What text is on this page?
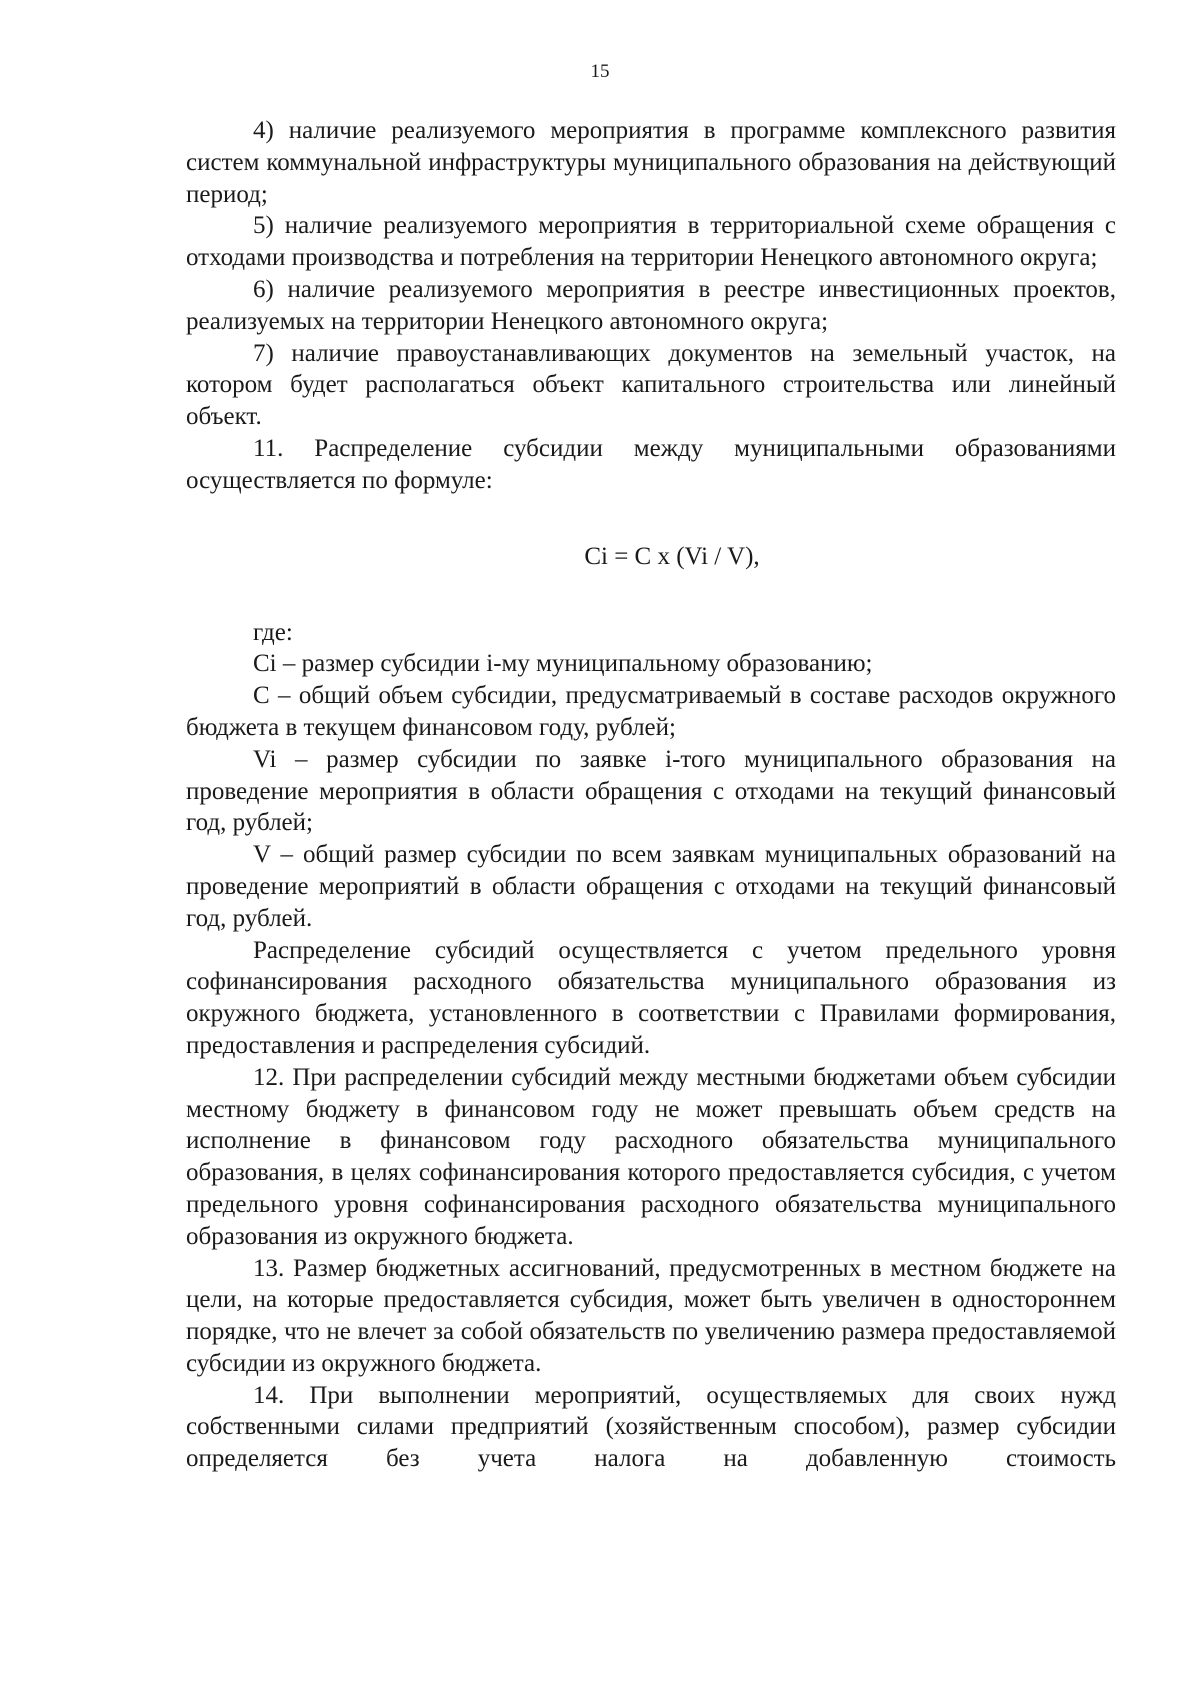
15

4) наличие реализуемого мероприятия в программе комплексного развития систем коммунальной инфраструктуры муниципального образования на действующий период;

5) наличие реализуемого мероприятия в территориальной схеме обращения с отходами производства и потребления на территории Ненецкого автономного округа;

6) наличие реализуемого мероприятия в реестре инвестиционных проектов, реализуемых на территории Ненецкого автономного округа;

7) наличие правоустанавливающих документов на земельный участок, на котором будет располагаться объект капитального строительства или линейный объект.

11. Распределение субсидии между муниципальными образованиями осуществляется по формуле:

Ci = C x (Vi / V),

где:

Ci – размер субсидии i-му муниципальному образованию;

C – общий объем субсидии, предусматриваемый в составе расходов окружного бюджета в текущем финансовом году, рублей;

Vi – размер субсидии по заявке i-того муниципального образования на проведение мероприятия в области обращения с отходами на текущий финансовый год, рублей;

V – общий размер субсидии по всем заявкам муниципальных образований на проведение мероприятий в области обращения с отходами на текущий финансовый год, рублей.

Распределение субсидий осуществляется с учетом предельного уровня софинансирования расходного обязательства муниципального образования из окружного бюджета, установленного в соответствии с Правилами формирования, предоставления и распределения субсидий.

12. При распределении субсидий между местными бюджетами объем субсидии местному бюджету в финансовом году не может превышать объем средств на исполнение в финансовом году расходного обязательства муниципального образования, в целях софинансирования которого предоставляется субсидия, с учетом предельного уровня софинансирования расходного обязательства муниципального образования из окружного бюджета.

13. Размер бюджетных ассигнований, предусмотренных в местном бюджете на цели, на которые предоставляется субсидия, может быть увеличен в одностороннем порядке, что не влечет за собой обязательств по увеличению размера предоставляемой субсидии из окружного бюджета.

14. При выполнении мероприятий, осуществляемых для своих нужд собственными силами предприятий (хозяйственным способом), размер субсидии определяется без учета налога на добавленную стоимость
